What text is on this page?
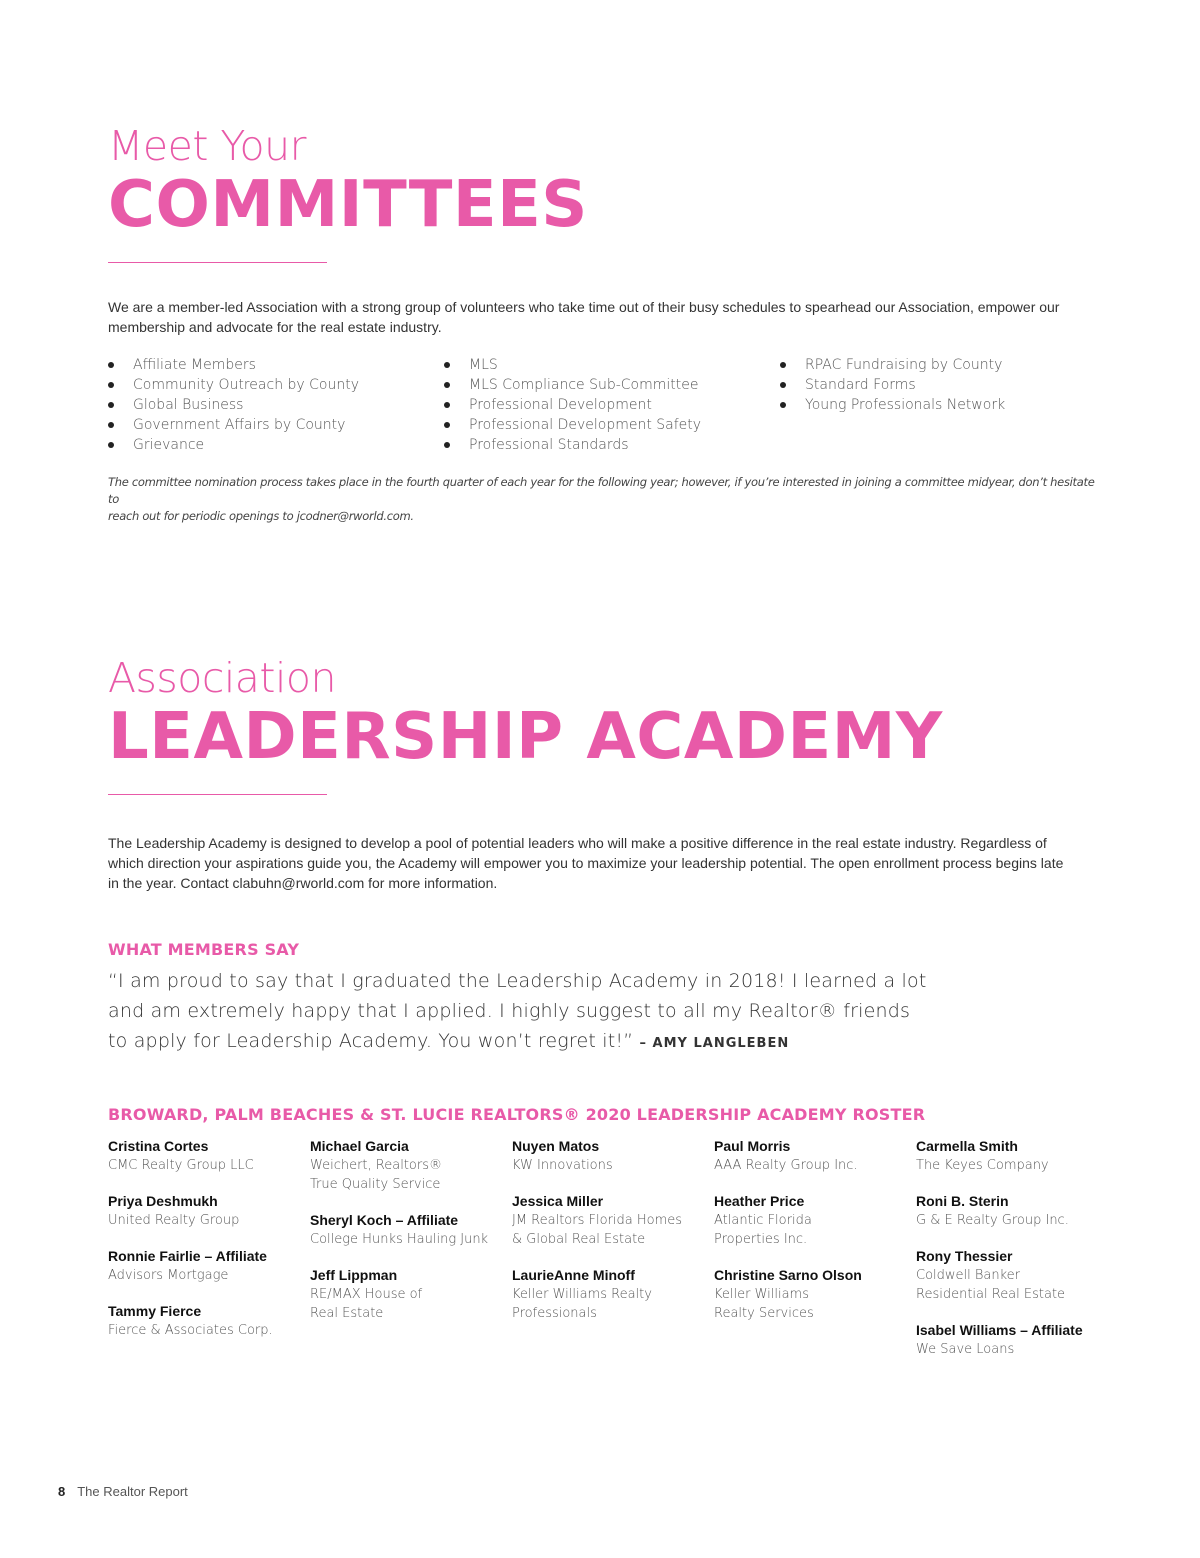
Meet Your
COMMITTEES

We are a member-led Association with a strong group of volunteers who take time out of their busy schedules to spearhead our Association, empower our

membership and advocate for the real estate industry.

Affiliate Members
Community Outreach by County
Global Business
Government Affairs by County
Grievance
MLS
MLS Compliance Sub-Committee
Professional Development
Professional Development Safety
Professional Standards
RPAC Fundraising by County
Standard Forms
Young Professionals Network

The committee nomination process takes place in the fourth quarter of each year for the following year; however, if you’re interested in joining a committee midyear, don’t hesitate to

reach out for periodic openings to jcodner@rworld.com.

Association
LEADERSHIP ACADEMY

The Leadership Academy is designed to develop a pool of potential leaders who will make a positive difference in the real estate industry. Regardless of

which direction your aspirations guide you, the Academy will empower you to maximize your leadership potential. The open enrollment process begins late

in the year. Contact clabuhn@rworld.com for more information.

WHAT MEMBERS SAY

“I am proud to say that I graduated the Leadership Academy in 2018! I learned a lot

and am extremely happy that I applied. I highly suggest to all my Realtor® friends

to apply for Leadership Academy. You won’t regret it!” – AMY LANGLEBEN

BROWARD, PALM BEACHES & ST. LUCIE REALTORS® 2020 LEADERSHIP ACADEMY ROSTER

Cristina Cortes
CMC Realty Group LLC
Priya Deshmukh
United Realty Group
Ronnie Fairlie – Affiliate
Advisors Mortgage
Tammy Fierce
Fierce & Associates Corp.
Michael Garcia
Weichert, Realtors®
True Quality Service
Sheryl Koch – Affiliate
College Hunks Hauling Junk
Jeff Lippman
RE/MAX House of
Real Estate
Nuyen Matos
KW Innovations
Jessica Miller
JM Realtors Florida Homes
& Global Real Estate
LaurieAnne Minoff
Keller Williams Realty
Professionals
Paul Morris
AAA Realty Group Inc.
Heather Price
Atlantic Florida
Properties Inc.
Christine Sarno Olson
Keller Williams
Realty Services
Carmella Smith
The Keyes Company
Roni B. Sterin
G & E Realty Group Inc.
Rony Thessier
Coldwell Banker
Residential Real Estate
Isabel Williams – Affiliate
We Save Loans
8 The Realtor Report
